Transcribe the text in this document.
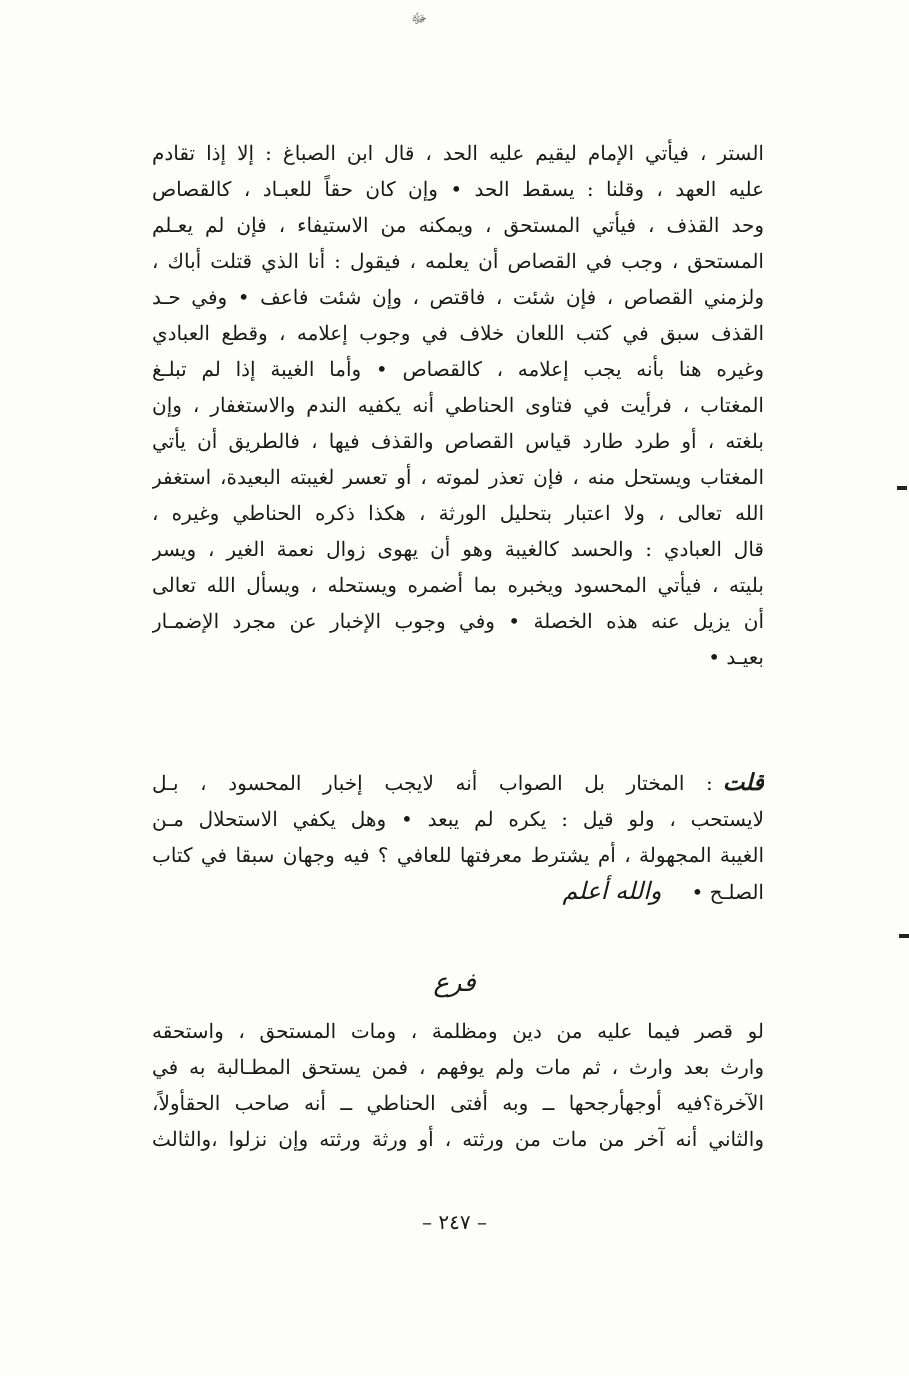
ﷻ
الستر ، فيأتي الإمام ليقيم عليه الحد ، قال ابن الصباغ : إلا إذا تقادم
عليه العهد ، وقلنا : يسقط الحد • وإن كان حقاً للعبـاد ، كالقصاص
وحد القذف ، فيأتي المستحق ، ويمكنه من الاستيفاء ، فإن لم يعـلم
المستحق ، وجب في القصاص أن يعلمه ، فيقول : أنا الذي قتلت أباك ،
ولزمني القصاص ، فإن شئت ، فاقتص ، وإن شئت فاعف • وفي حـد
القذف سبق في كتب اللعان خلاف في وجوب إعلامه ، وقطع العبادي
وغيره هنا بأنه يجب إعلامه ، كالقصاص • وأما الغيبة إذا لم تبلـغ
المغتاب ، فرأيت في فتاوى الحناطي أنه يكفيه الندم والاستغفار ، وإن
بلغته ، أو طرد طارد قياس القصاص والقذف فيها ، فالطريق أن يأتي
المغتاب ويستحل منه ، فإن تعذر لموته ، أو تعسر لغيبته البعيدة، استغفر
الله تعالى ، ولا اعتبار بتحليل الورثة ، هكذا ذكره الحناطي وغيره ،
قال العبادي : والحسد كالغيبة وهو أن يهوى زوال نعمة الغير ، ويسر
بليته ، فيأتي المحسود ويخبره بما أضمره ويستحله ، ويسأل الله تعالى
أن يزيل عنه هذه الخصلة • وفي وجوب الإخبار عن مجرد الإضمـار
بعيـد •
قلت: المختار بل الصواب أنه لايجب إخبار المحسود ، بـل
لايستحب ، ولو قيل : يكره لم يبعد • وهل يكفي الاستحلال مـن
الغيبة المجهولة ، أم يشترط معرفتها للعافي ؟ فيه وجهان سبقا في كتاب
الصلـح •والله أعلم
فرع
لو قصر فيما عليه من دين ومظلمة ، ومات المستحق ، واستحقه
وارث بعد وارث ، ثم مات ولم يوفهم ، فمن يستحق المطـالبة به في
الآخرة؟فيه أوجهأرجحها ــ وبه أفتى الحناطي ــ أنه صاحب الحقأولاً،
والثاني أنه آخر من مات من ورثته ، أو ورثة ورثته وإن نزلوا ،والثالث
– ٢٤٧ –
